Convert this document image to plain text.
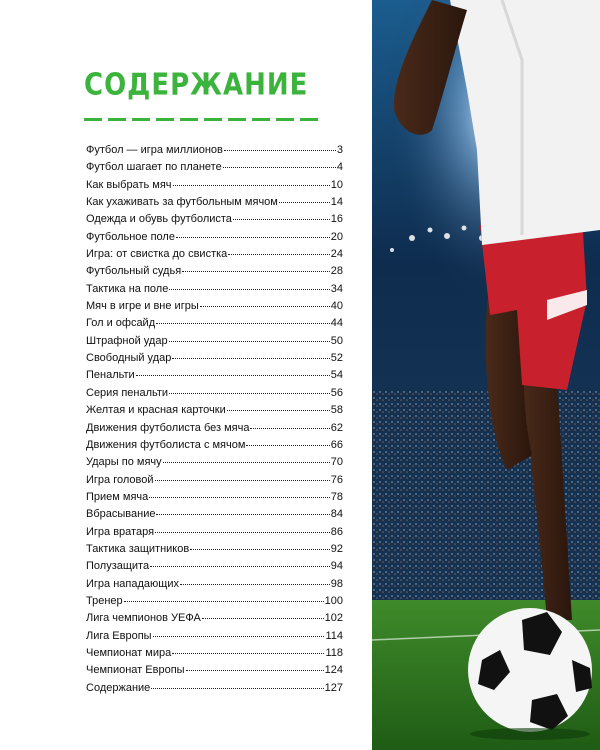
СОДЕРЖАНИЕ
Футбол — игра миллионов	3
Футбол шагает по планете	4
Как выбрать мяч	10
Как ухаживать за футбольным мячом	14
Одежда и обувь футболиста	16
Футбольное поле	20
Игра: от свистка до свистка	24
Футбольный судья	28
Тактика на поле	34
Мяч в игре и вне игры	40
Гол и офсайд	44
Штрафной удар	50
Свободный удар	52
Пенальти	54
Серия пенальти	56
Желтая и красная карточки	58
Движения футболиста без мяча	62
Движения футболиста с мячом	66
Удары по мячу	70
Игра головой	76
Прием мяча	78
Вбрасывание	84
Игра вратаря	86
Тактика защитников	92
Полузащита	94
Игра нападающих	98
Тренер	100
Лига чемпионов УЕФА	102
Лига Европы	114
Чемпионат мира	118
Чемпионат Европы	124
Содержание	127
